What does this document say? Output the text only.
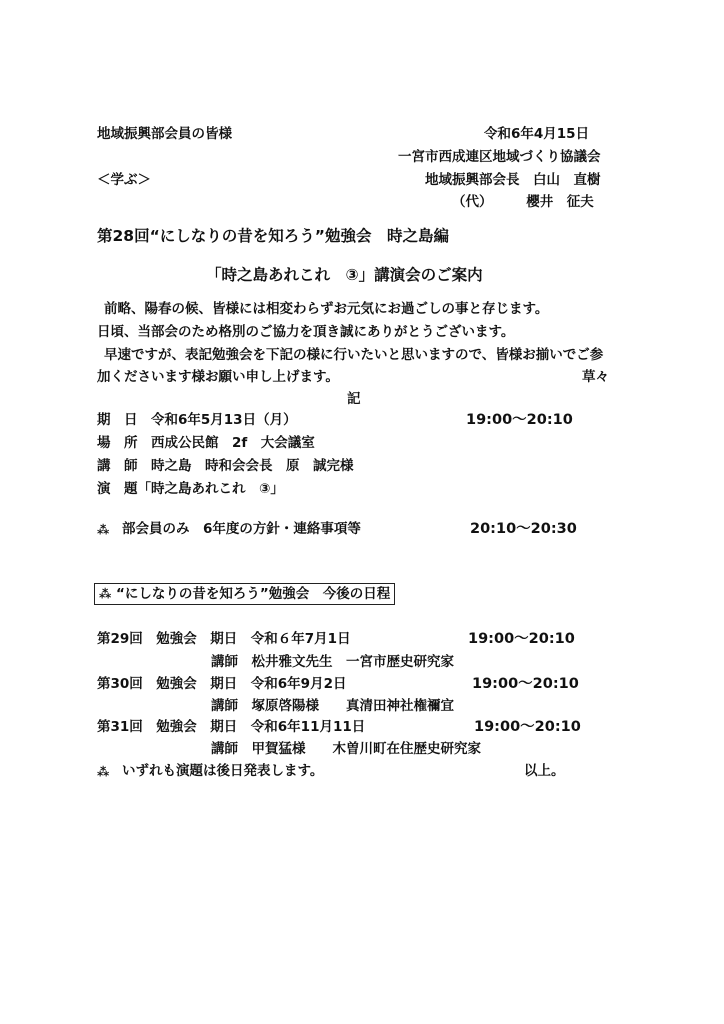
地域振興部会員の皆様	令和6年4月15日
一宮市西成連区地域づくり協議会
＜学ぶ＞	地域振興部会長　白山　直樹
（代）　　　櫻井　征夫
第28回“にしなりの昔を知ろう”勉強会　時之島編
「時之島あれこれ　③」講演会のご案内
前略、陽春の候、皆様には相変わらずお元気にお過ごしの事と存じます。
日頃、当部会のため格別のご協力を頂き誠にありがとうございます。
早速ですが、表記勉強会を下記の様に行いたいと思いますので、皆様お揃いでご参
加くださいます様お願い申し上げます。	草々
記
期　日　令和6年5月13日（月）	19:00～20:10
場　所　西成公民館　2f　大会議室
講　師　時之島　時和会会長　原　誠完様
演　題「時之島あれこれ　③」
⁂ 部会員のみ　6年度の方針・連絡事項等	20:10～20:30
⁂ “にしなりの昔を知ろう”勉強会　今後の日程
第29回　勉強会　期日　令和６年7月1日	19:00～20:10
講師　松井雅文先生　一宮市歴史研究家
第30回　勉強会　期日　令和6年9月2日	19:00～20:10
講師　塚原啓陽様　　真清田神社権禰宜
第31回　勉強会　期日　令和6年11月11日	19:00～20:10
講師　甲賀猛様　　木曽川町在住歴史研究家
⁂ いずれも演題は後日発表します。	以上。
